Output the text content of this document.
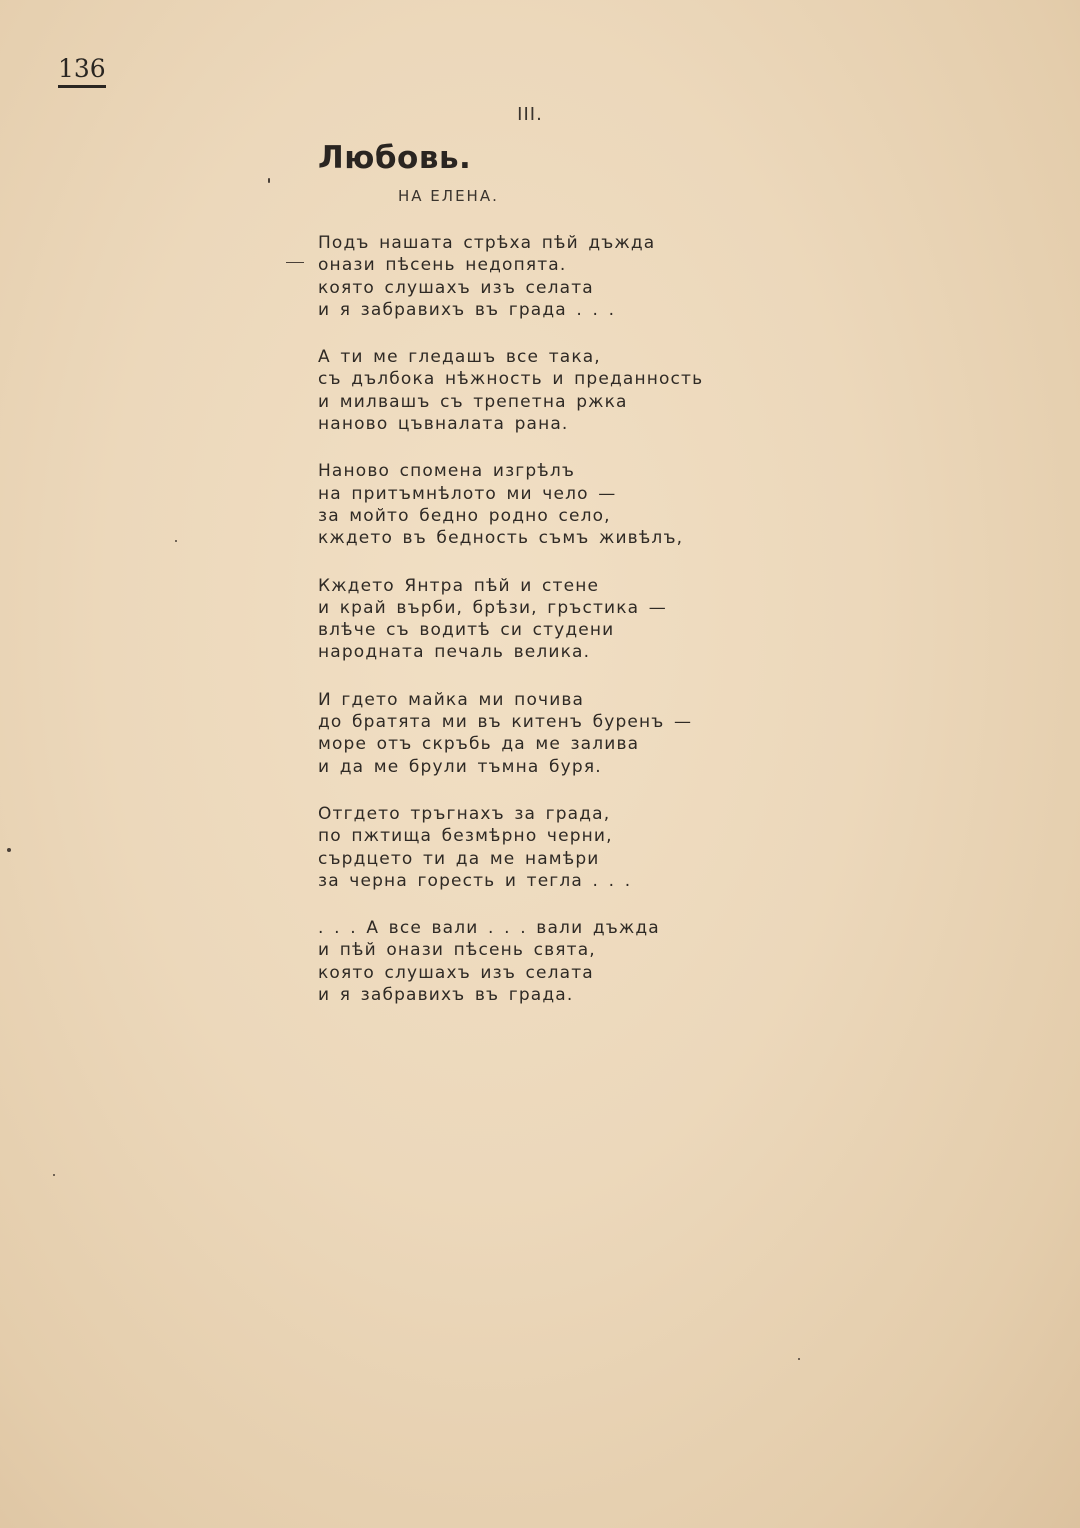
136
III.
Любовь.
НА ЕЛЕНА.
Подъ нашата стрѣха пѣй дъжда
онази пѣсень недопята.
която слушахъ изъ селата
и я забравихъ въ града . . .
А ти ме гледашъ все така,
съ дълбока нѣжность и преданность
и милвашъ съ трепетна ржка
наново цъвналата рана.
Наново спомена изгрѣлъ
на притъмнѣлото ми чело —
за мойто бедно родно село,
кждето въ бедность съмъ живѣлъ,
Кждето Янтра пѣй и стене
и край върби, брѣзи, гръстика —
влѣче съ водитѣ си студени
народната печаль велика.
И гдето майка ми почива
до братята ми въ китенъ буренъ —
море отъ скръбь да ме залива
и да ме брули тъмна буря.
Отгдето тръгнахъ за града,
по пжтища безмѣрно черни,
сърдцето ти да ме намѣри
за черна горесть и тегла . . .
. . . А все вали . . . вали дъжда
и пѣй онази пѣсень свята,
която слушахъ изъ селата
и я забравихъ въ града.
